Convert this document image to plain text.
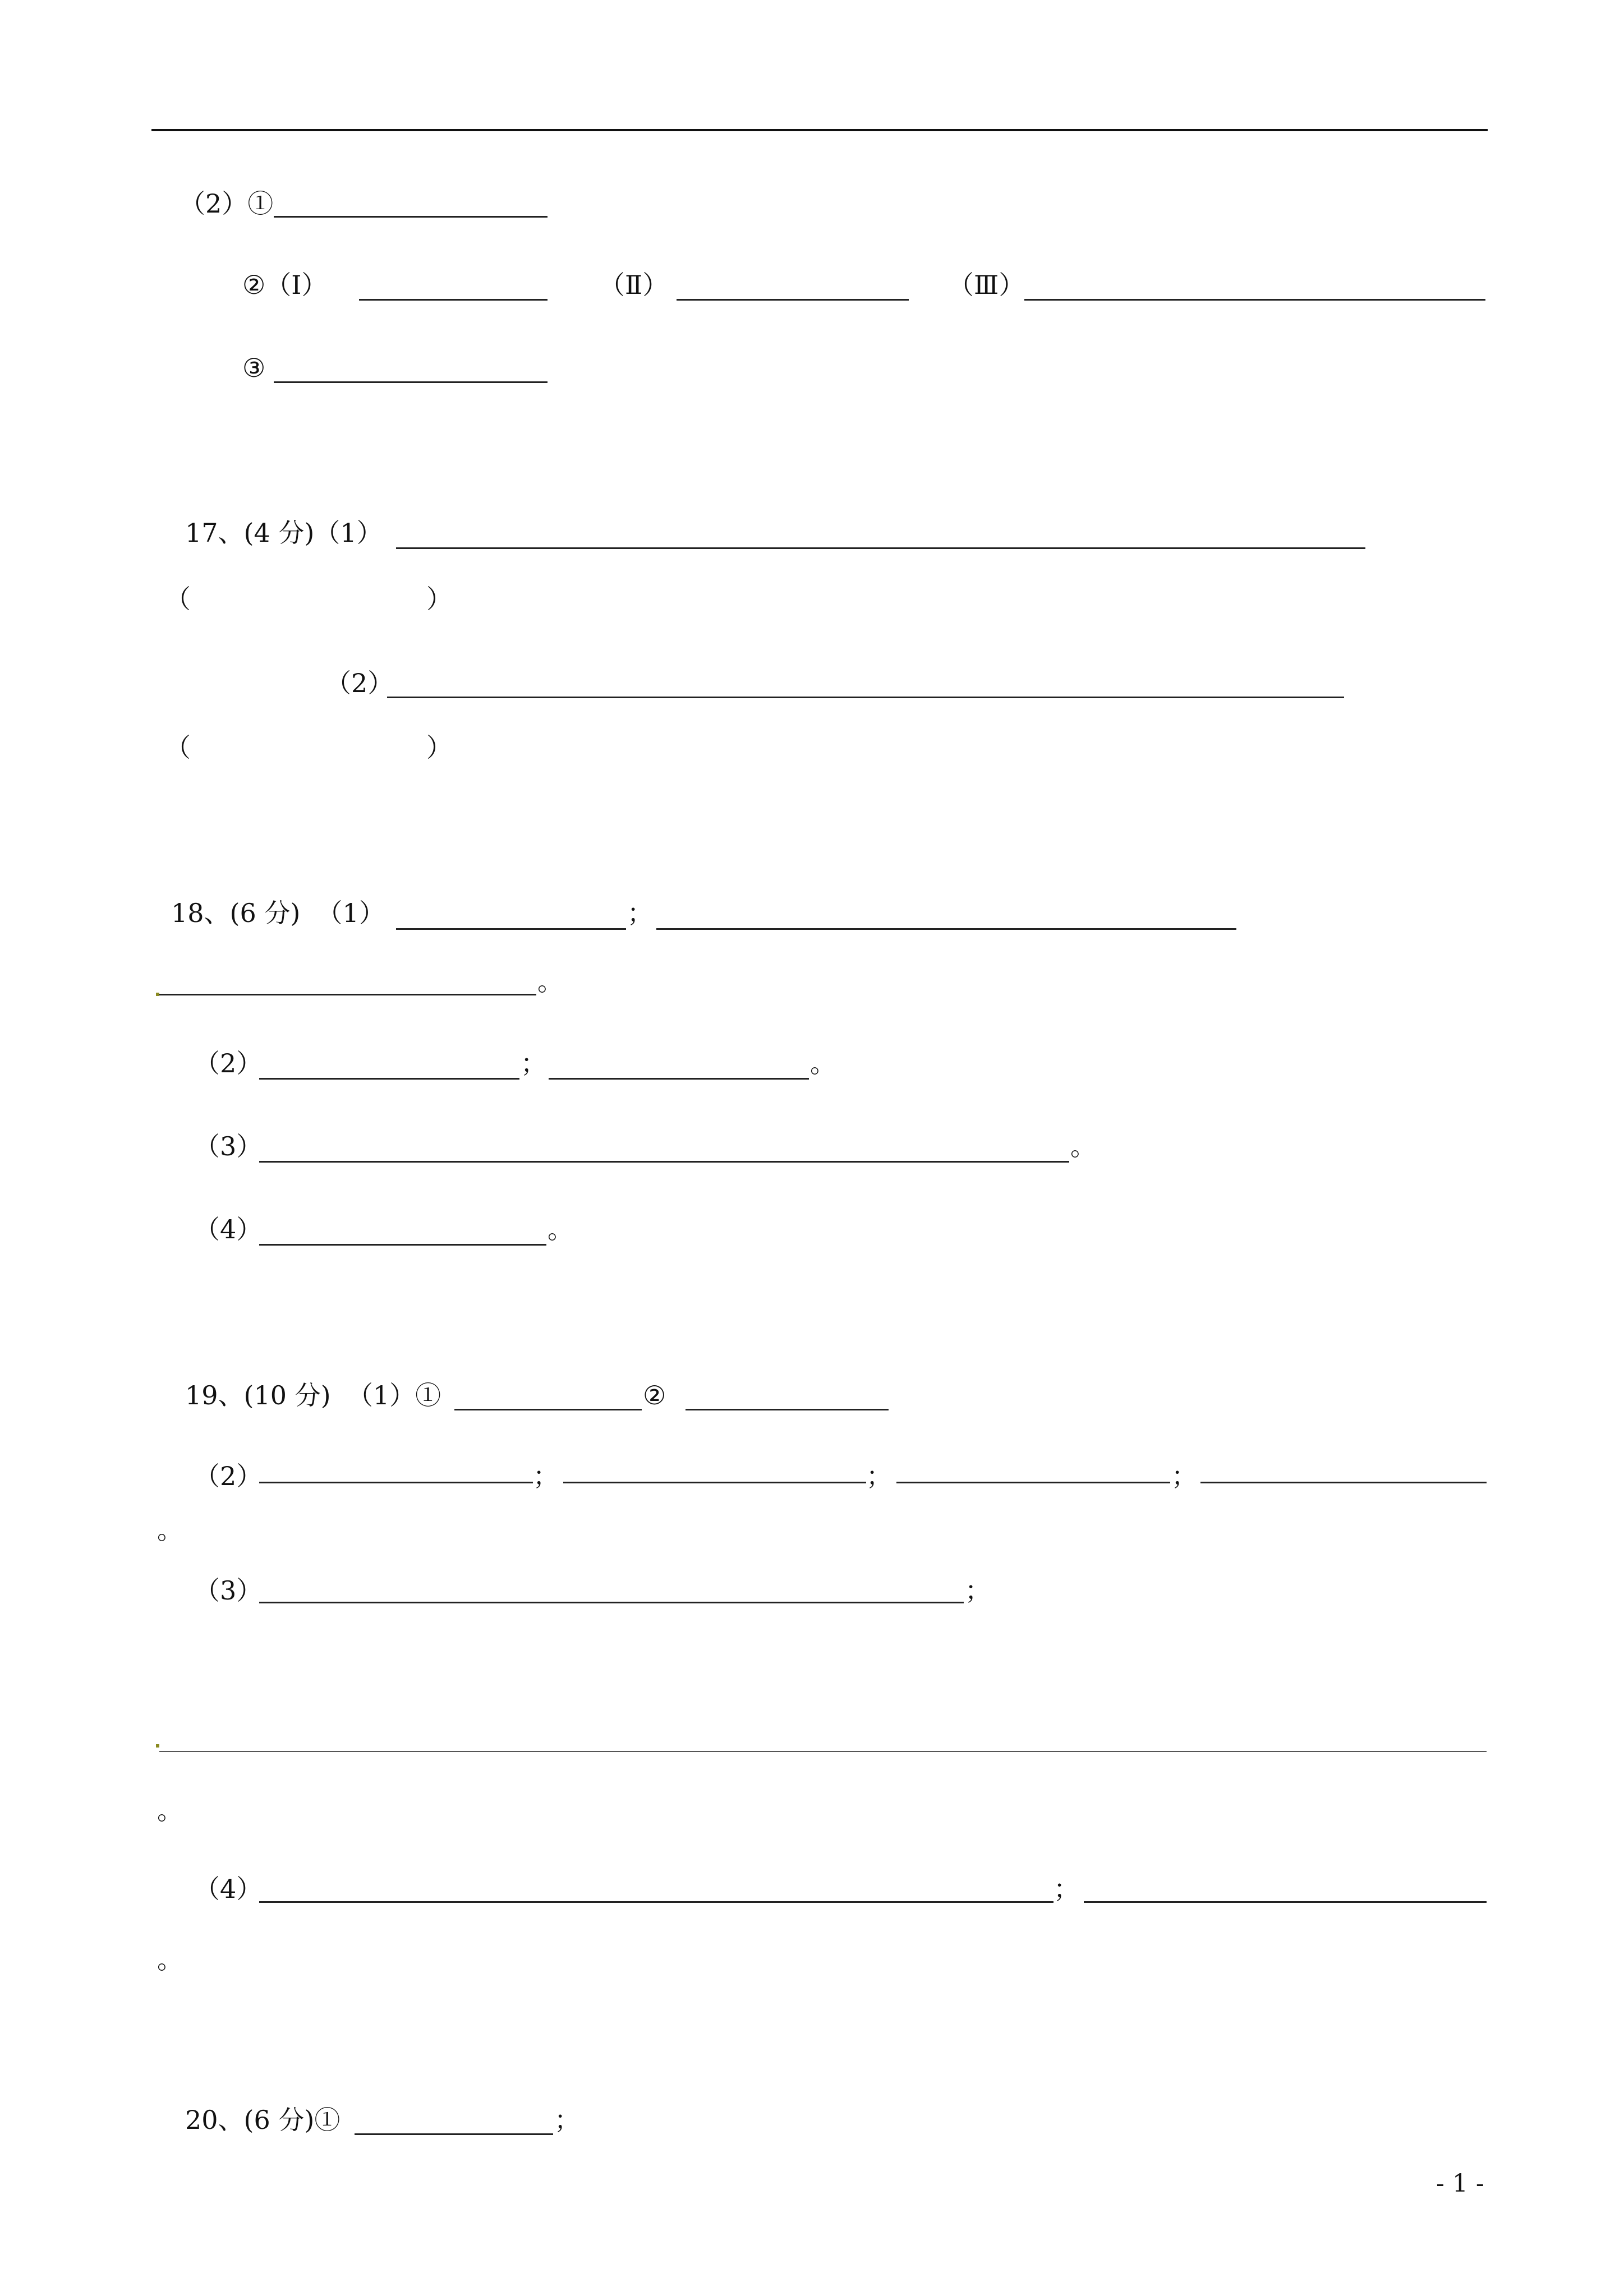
（2）①
②（Ⅰ）	（Ⅱ）	（Ⅲ）
③
17、(4 分)（1）
（	）
（2）
（	）
18、(6 分)  （1）	；
。
（2）	；	。
（3）	。
（4）	。
19、(10 分)  （1）①	②
（2）	；	；	；
。
（3）	；
。
（4）	；
。
20、(6 分)①	；
- 1 -
